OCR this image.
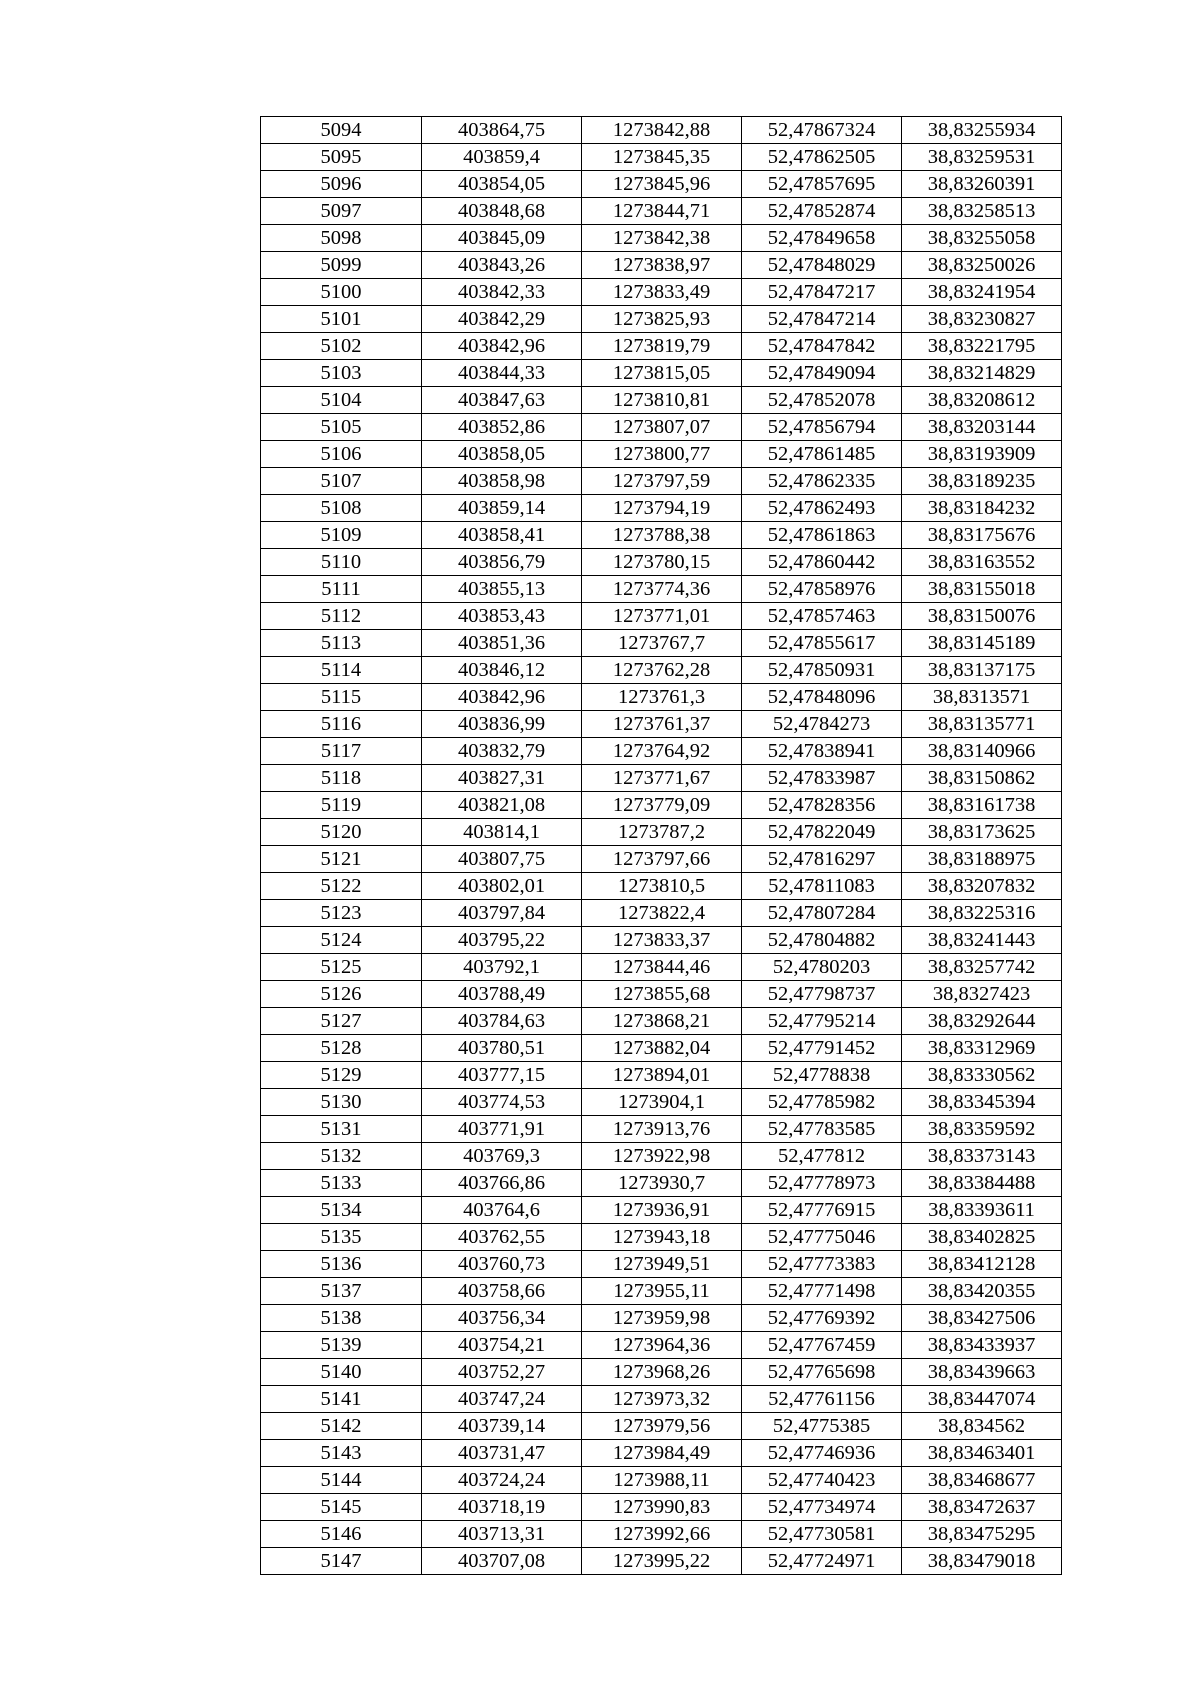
5094	403864,75	1273842,88	52,47867324	38,83255934
5095	403859,4	1273845,35	52,47862505	38,83259531
5096	403854,05	1273845,96	52,47857695	38,83260391
5097	403848,68	1273844,71	52,47852874	38,83258513
5098	403845,09	1273842,38	52,47849658	38,83255058
5099	403843,26	1273838,97	52,47848029	38,83250026
5100	403842,33	1273833,49	52,47847217	38,83241954
5101	403842,29	1273825,93	52,47847214	38,83230827
5102	403842,96	1273819,79	52,47847842	38,83221795
5103	403844,33	1273815,05	52,47849094	38,83214829
5104	403847,63	1273810,81	52,47852078	38,83208612
5105	403852,86	1273807,07	52,47856794	38,83203144
5106	403858,05	1273800,77	52,47861485	38,83193909
5107	403858,98	1273797,59	52,47862335	38,83189235
5108	403859,14	1273794,19	52,47862493	38,83184232
5109	403858,41	1273788,38	52,47861863	38,83175676
5110	403856,79	1273780,15	52,47860442	38,83163552
5111	403855,13	1273774,36	52,47858976	38,83155018
5112	403853,43	1273771,01	52,47857463	38,83150076
5113	403851,36	1273767,7	52,47855617	38,83145189
5114	403846,12	1273762,28	52,47850931	38,83137175
5115	403842,96	1273761,3	52,47848096	38,8313571
5116	403836,99	1273761,37	52,4784273	38,83135771
5117	403832,79	1273764,92	52,47838941	38,83140966
5118	403827,31	1273771,67	52,47833987	38,83150862
5119	403821,08	1273779,09	52,47828356	38,83161738
5120	403814,1	1273787,2	52,47822049	38,83173625
5121	403807,75	1273797,66	52,47816297	38,83188975
5122	403802,01	1273810,5	52,47811083	38,83207832
5123	403797,84	1273822,4	52,47807284	38,83225316
5124	403795,22	1273833,37	52,47804882	38,83241443
5125	403792,1	1273844,46	52,4780203	38,83257742
5126	403788,49	1273855,68	52,47798737	38,8327423
5127	403784,63	1273868,21	52,47795214	38,83292644
5128	403780,51	1273882,04	52,47791452	38,83312969
5129	403777,15	1273894,01	52,4778838	38,83330562
5130	403774,53	1273904,1	52,47785982	38,83345394
5131	403771,91	1273913,76	52,47783585	38,83359592
5132	403769,3	1273922,98	52,477812	38,83373143
5133	403766,86	1273930,7	52,47778973	38,83384488
5134	403764,6	1273936,91	52,47776915	38,83393611
5135	403762,55	1273943,18	52,47775046	38,83402825
5136	403760,73	1273949,51	52,47773383	38,83412128
5137	403758,66	1273955,11	52,47771498	38,83420355
5138	403756,34	1273959,98	52,47769392	38,83427506
5139	403754,21	1273964,36	52,47767459	38,83433937
5140	403752,27	1273968,26	52,47765698	38,83439663
5141	403747,24	1273973,32	52,47761156	38,83447074
5142	403739,14	1273979,56	52,4775385	38,834562
5143	403731,47	1273984,49	52,47746936	38,83463401
5144	403724,24	1273988,11	52,47740423	38,83468677
5145	403718,19	1273990,83	52,47734974	38,83472637
5146	403713,31	1273992,66	52,47730581	38,83475295
5147	403707,08	1273995,22	52,47724971	38,83479018
